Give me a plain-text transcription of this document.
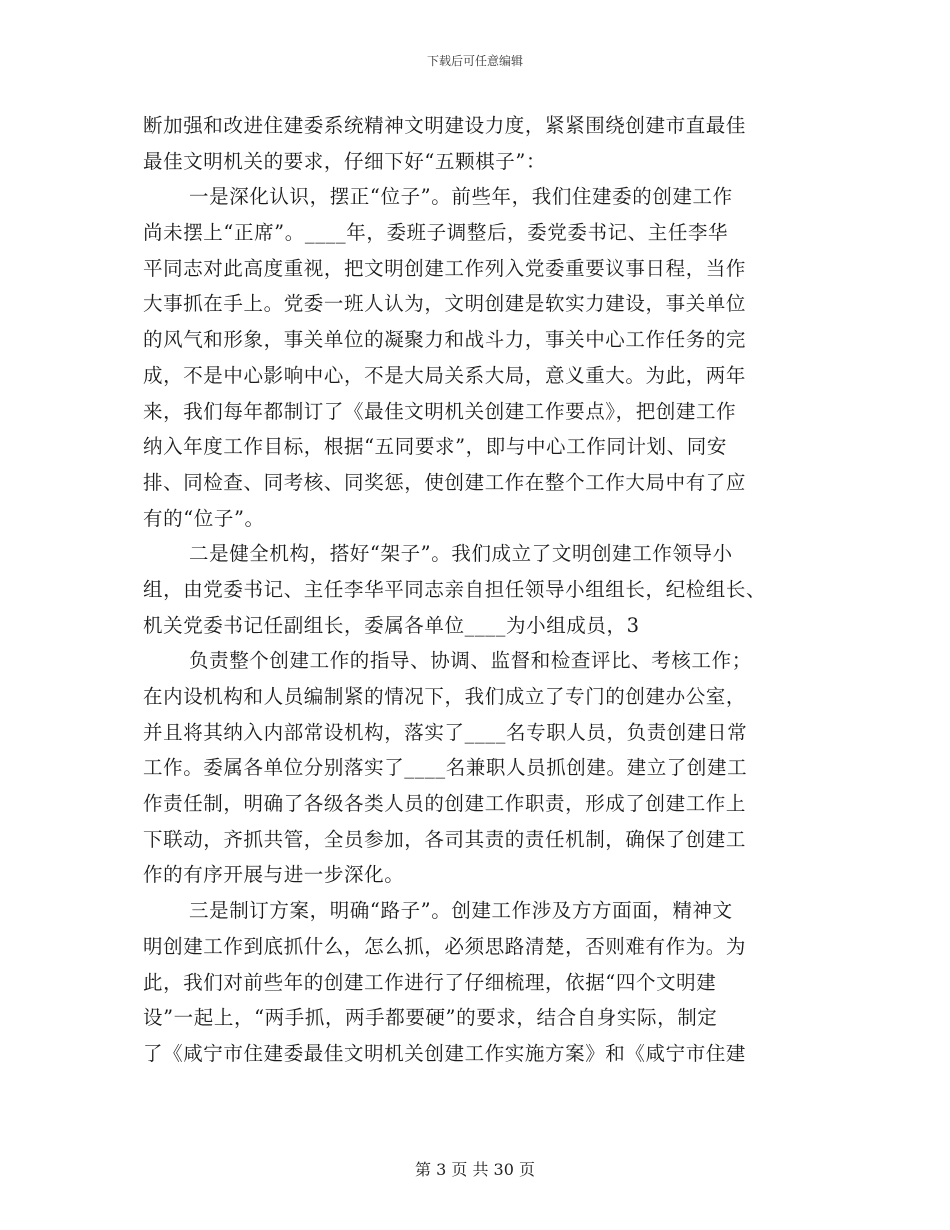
下载后可任意编辑
断加强和改进住建委系统精神文明建设力度，紧紧围绕创建市直最佳
最佳文明机关的要求，仔细下好“五颗棋子”：
一是深化认识，摆正“位子”。前些年，我们住建委的创建工作
尚未摆上“正席”。____年，委班子调整后，委党委书记、主任李华
平同志对此高度重视，把文明创建工作列入党委重要议事日程，当作
大事抓在手上。党委一班人认为，文明创建是软实力建设，事关单位
的风气和形象，事关单位的凝聚力和战斗力，事关中心工作任务的完
成，不是中心影响中心，不是大局关系大局，意义重大。为此，两年
来，我们每年都制订了《最佳文明机关创建工作要点》，把创建工作
纳入年度工作目标，根据“五同要求”，即与中心工作同计划、同安
排、同检查、同考核、同奖惩，使创建工作在整个工作大局中有了应
有的“位子”。
二是健全机构，搭好“架子”。我们成立了文明创建工作领导小
组，由党委书记、主任李华平同志亲自担任领导小组组长，纪检组长、
机关党委书记任副组长，委属各单位____为小组成员，3
负责整个创建工作的指导、协调、监督和检查评比、考核工作；
在内设机构和人员编制紧的情况下，我们成立了专门的创建办公室，
并且将其纳入内部常设机构，落实了____名专职人员，负责创建日常
工作。委属各单位分别落实了____名兼职人员抓创建。建立了创建工
作责任制，明确了各级各类人员的创建工作职责，形成了创建工作上
下联动，齐抓共管，全员参加，各司其责的责任机制，确保了创建工
作的有序开展与进一步深化。
三是制订方案，明确“路子”。创建工作涉及方方面面，精神文
明创建工作到底抓什么，怎么抓，必须思路清楚，否则难有作为。为
此，我们对前些年的创建工作进行了仔细梳理，依据“四个文明建
设”一起上，“两手抓，两手都要硬”的要求，结合自身实际，制定
了《咸宁市住建委最佳文明机关创建工作实施方案》和《咸宁市住建
第 3 页 共 30 页
